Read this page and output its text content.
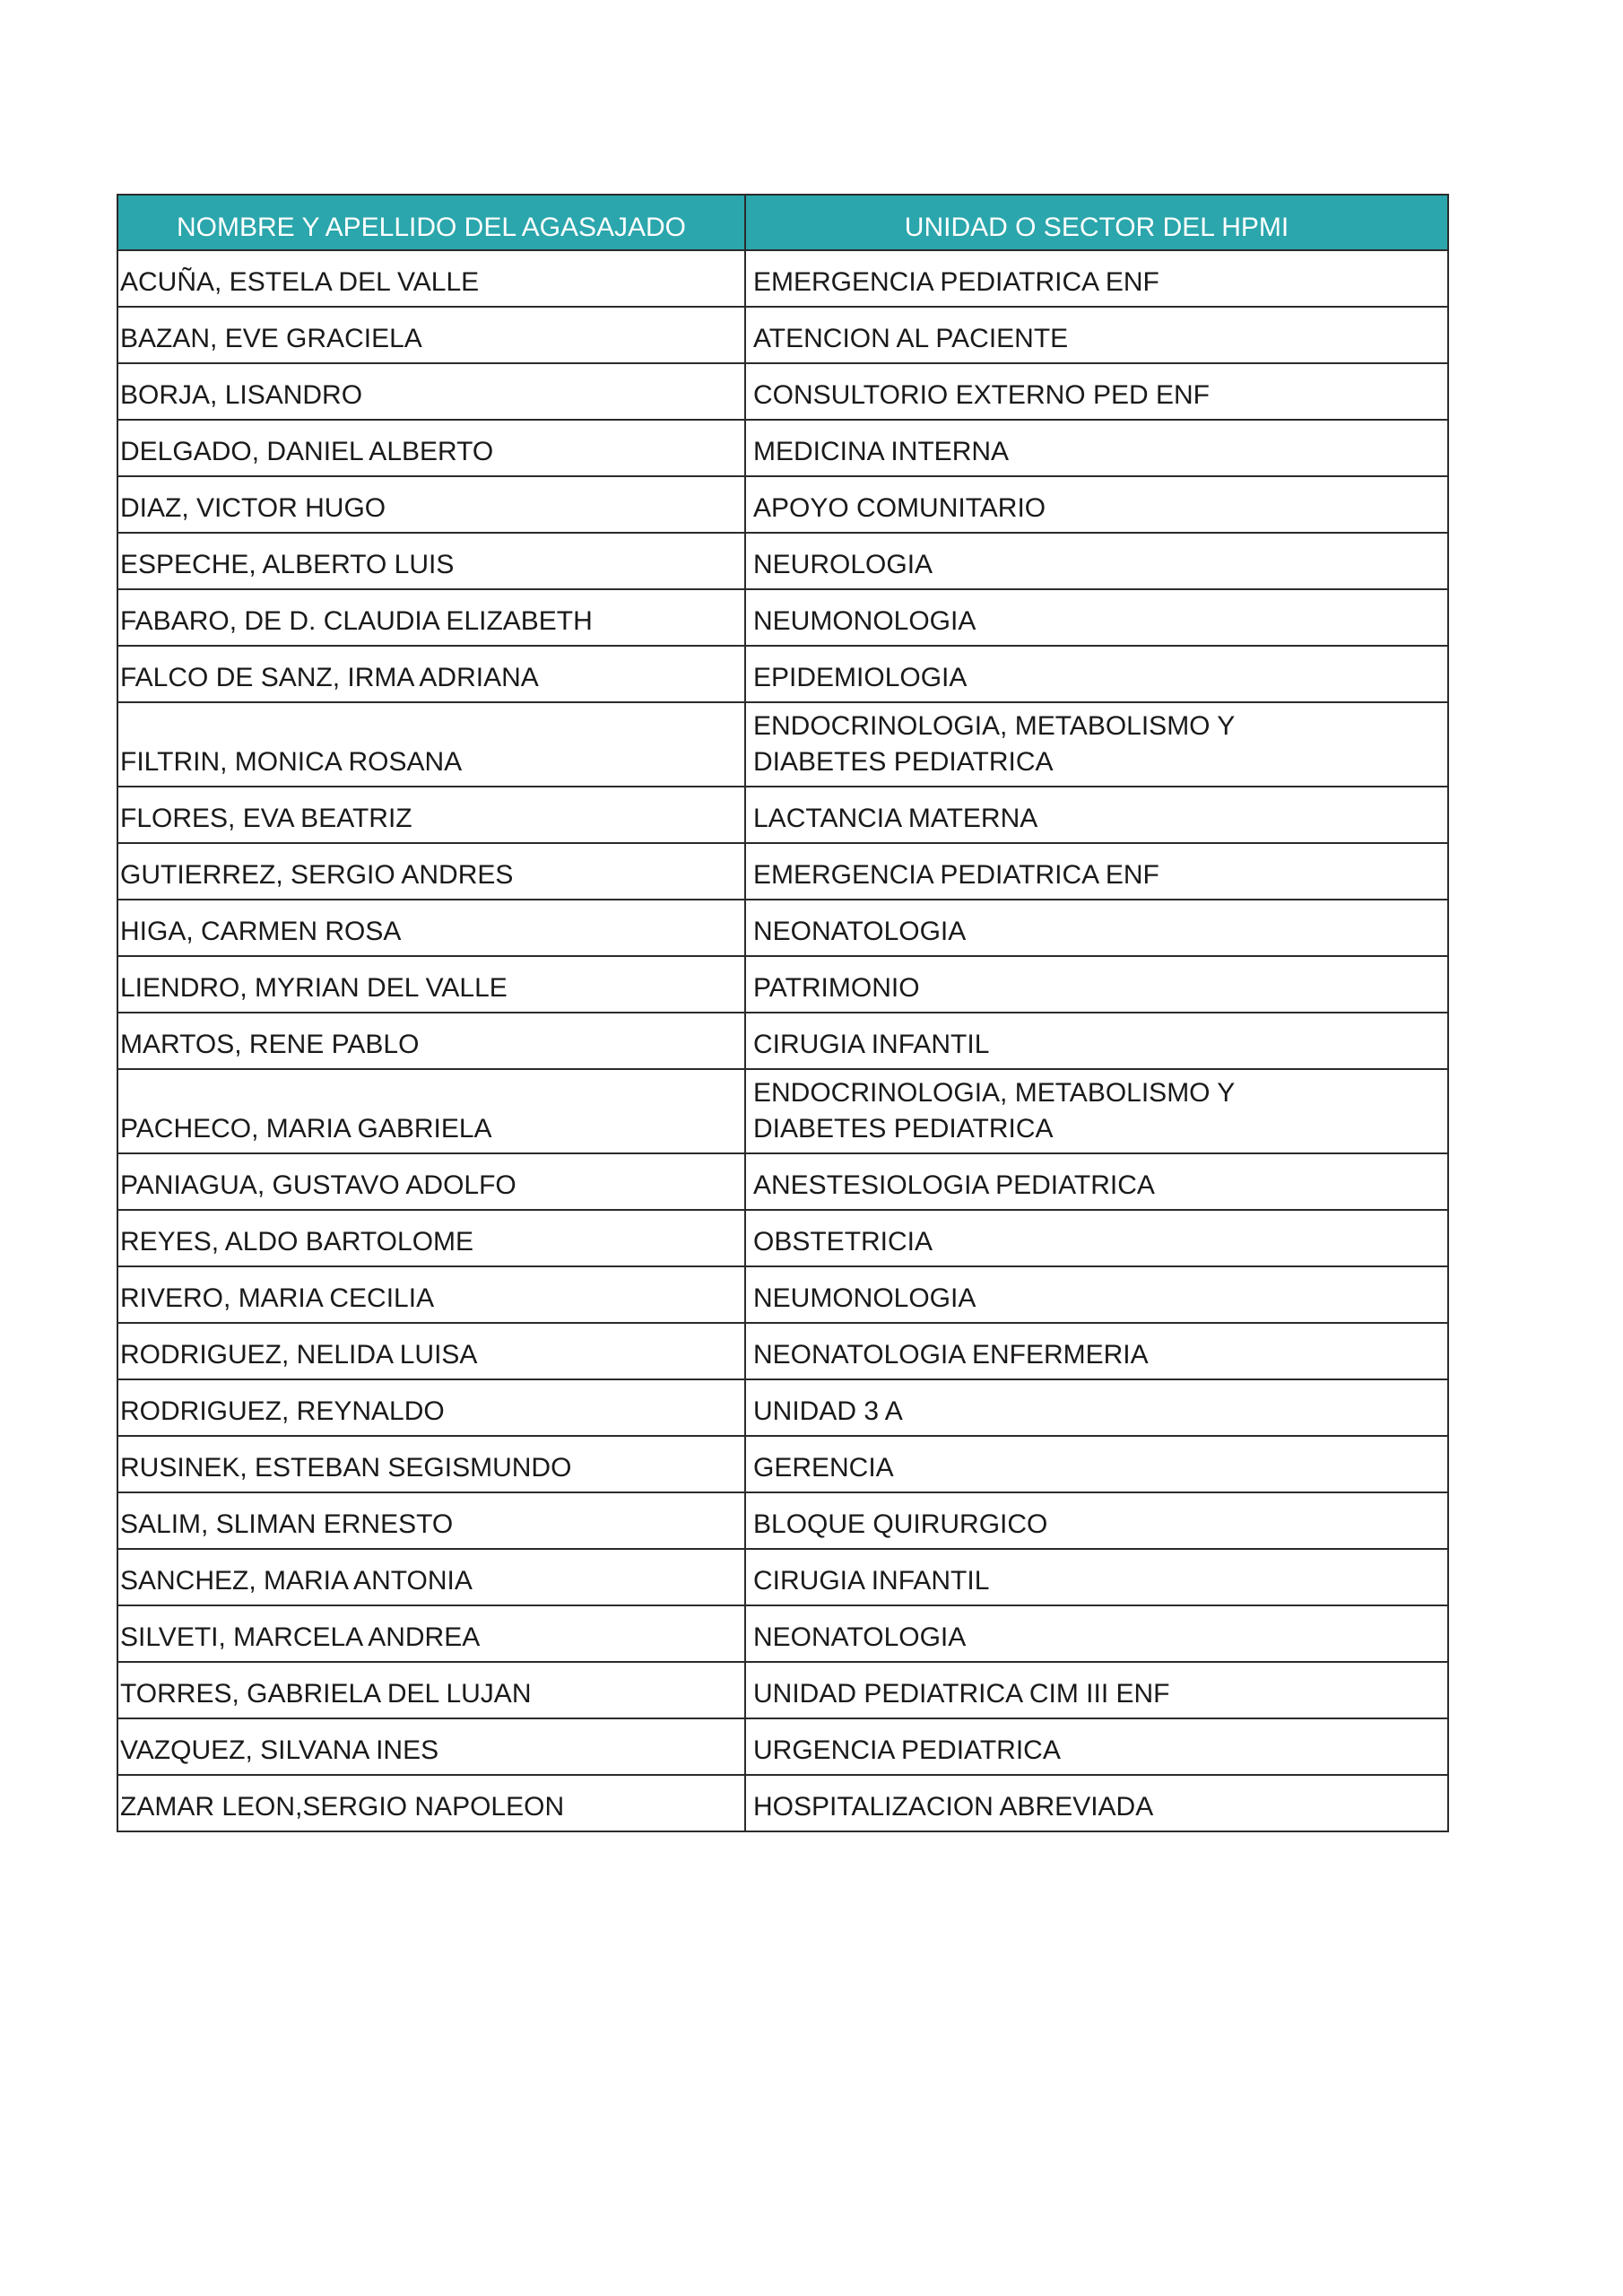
NOMBRE Y APELLIDO DEL AGASAJADO	UNIDAD O SECTOR DEL HPMI
ACUÑA, ESTELA DEL VALLE	EMERGENCIA PEDIATRICA ENF
BAZAN, EVE GRACIELA	ATENCION AL PACIENTE
BORJA, LISANDRO	CONSULTORIO EXTERNO PED ENF
DELGADO, DANIEL ALBERTO	MEDICINA INTERNA
DIAZ, VICTOR HUGO	APOYO COMUNITARIO
ESPECHE, ALBERTO LUIS	NEUROLOGIA
FABARO, DE D. CLAUDIA ELIZABETH	NEUMONOLOGIA
FALCO DE SANZ, IRMA ADRIANA	EPIDEMIOLOGIA
FILTRIN, MONICA ROSANA	ENDOCRINOLOGIA, METABOLISMO Y DIABETES PEDIATRICA
FLORES, EVA BEATRIZ	LACTANCIA MATERNA
GUTIERREZ, SERGIO ANDRES	EMERGENCIA PEDIATRICA ENF
HIGA, CARMEN ROSA	NEONATOLOGIA
LIENDRO, MYRIAN DEL VALLE	PATRIMONIO
MARTOS, RENE PABLO	CIRUGIA INFANTIL
PACHECO, MARIA GABRIELA	ENDOCRINOLOGIA, METABOLISMO Y DIABETES PEDIATRICA
PANIAGUA, GUSTAVO ADOLFO	ANESTESIOLOGIA PEDIATRICA
REYES, ALDO BARTOLOME	OBSTETRICIA
RIVERO, MARIA CECILIA	NEUMONOLOGIA
RODRIGUEZ, NELIDA LUISA	NEONATOLOGIA ENFERMERIA
RODRIGUEZ, REYNALDO	UNIDAD 3 A
RUSINEK, ESTEBAN SEGISMUNDO	GERENCIA
SALIM, SLIMAN ERNESTO	BLOQUE QUIRURGICO
SANCHEZ, MARIA ANTONIA	CIRUGIA INFANTIL
SILVETI, MARCELA ANDREA	NEONATOLOGIA
TORRES, GABRIELA DEL LUJAN	UNIDAD PEDIATRICA CIM III ENF
VAZQUEZ, SILVANA INES	URGENCIA PEDIATRICA
ZAMAR LEON,SERGIO NAPOLEON	HOSPITALIZACION ABREVIADA
